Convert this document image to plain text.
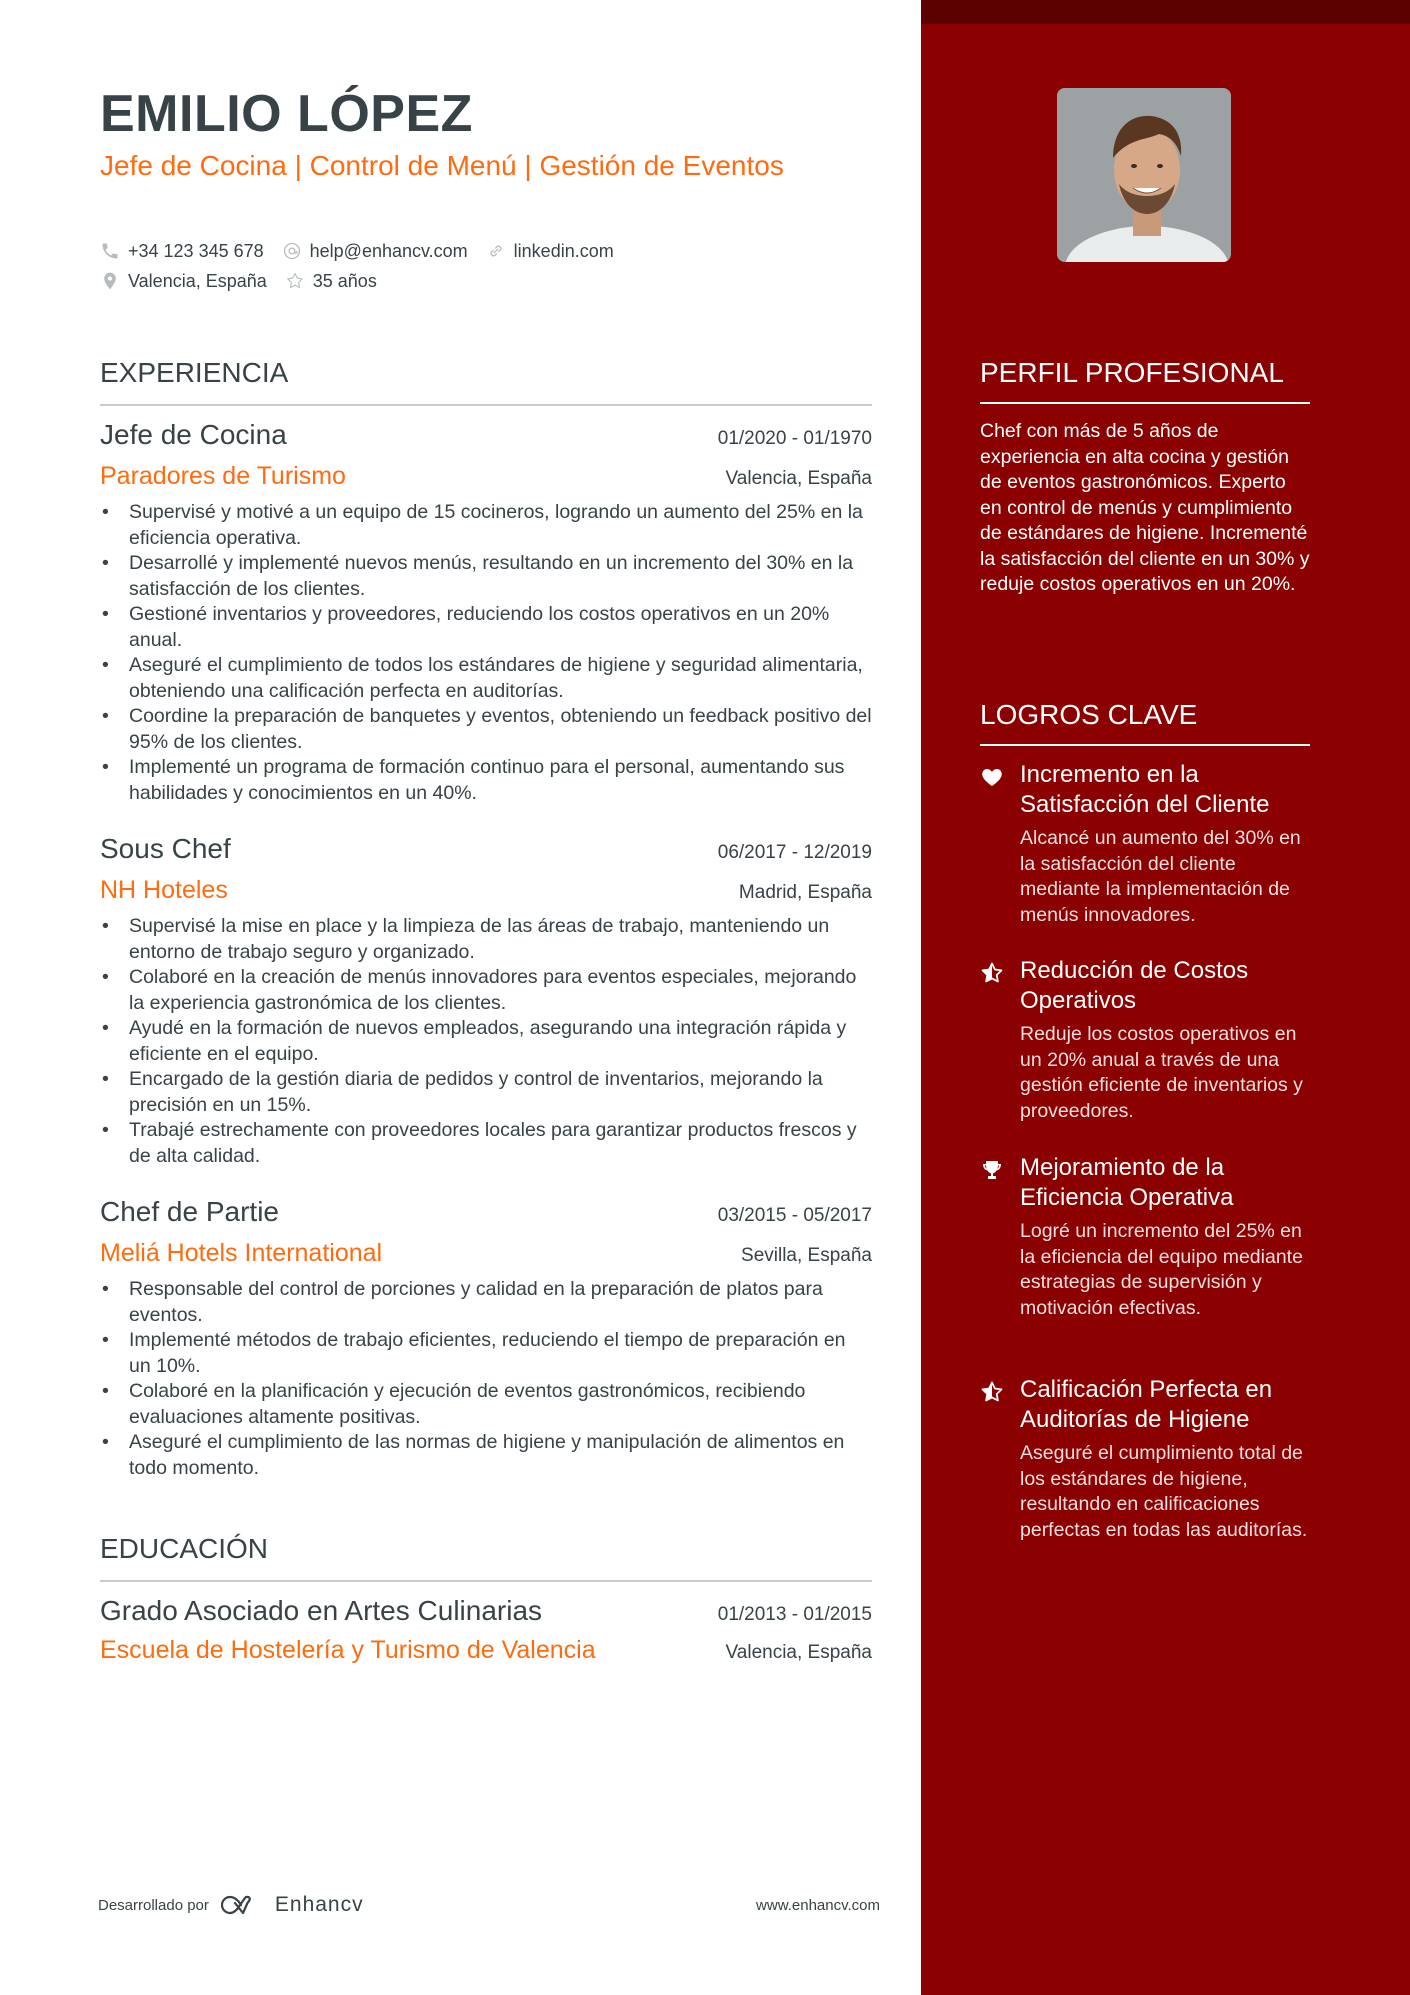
EMILIO LÓPEZ
Jefe de Cocina | Control de Menú | Gestión de Eventos
+34 123 345 678	help@enhancv.com	linkedin.com
Valencia, España	35 años
EXPERIENCIA
Jefe de Cocina	01/2020 - 01/1970
Paradores de Turismo	Valencia, España
• Supervisé y motivé a un equipo de 15 cocineros, logrando un aumento del 25% en la eficiencia operativa.
• Desarrollé y implementé nuevos menús, resultando en un incremento del 30% en la satisfacción de los clientes.
• Gestioné inventarios y proveedores, reduciendo los costos operativos en un 20% anual.
• Aseguré el cumplimiento de todos los estándares de higiene y seguridad alimentaria, obteniendo una calificación perfecta en auditorías.
• Coordine la preparación de banquetes y eventos, obteniendo un feedback positivo del 95% de los clientes.
• Implementé un programa de formación continuo para el personal, aumentando sus habilidades y conocimientos en un 40%.
Sous Chef	06/2017 - 12/2019
NH Hoteles	Madrid, España
• Supervisé la mise en place y la limpieza de las áreas de trabajo, manteniendo un entorno de trabajo seguro y organizado.
• Colaboré en la creación de menús innovadores para eventos especiales, mejorando la experiencia gastronómica de los clientes.
• Ayudé en la formación de nuevos empleados, asegurando una integración rápida y eficiente en el equipo.
• Encargado de la gestión diaria de pedidos y control de inventarios, mejorando la precisión en un 15%.
• Trabajé estrechamente con proveedores locales para garantizar productos frescos y de alta calidad.
Chef de Partie	03/2015 - 05/2017
Meliá Hotels International	Sevilla, España
• Responsable del control de porciones y calidad en la preparación de platos para eventos.
• Implementé métodos de trabajo eficientes, reduciendo el tiempo de preparación en un 10%.
• Colaboré en la planificación y ejecución de eventos gastronómicos, recibiendo evaluaciones altamente positivas.
• Aseguré el cumplimiento de las normas de higiene y manipulación de alimentos en todo momento.
EDUCACIÓN
Grado Asociado en Artes Culinarias	01/2013 - 01/2015
Escuela de Hostelería y Turismo de Valencia	Valencia, España
Desarrollado por	Enhancv	www.enhancv.com
PERFIL PROFESIONAL
Chef con más de 5 años de experiencia en alta cocina y gestión de eventos gastronómicos. Experto en control de menús y cumplimiento de estándares de higiene. Incrementé la satisfacción del cliente en un 30% y reduje costos operativos en un 20%.
LOGROS CLAVE
Incremento en la Satisfacción del Cliente
Alcancé un aumento del 30% en la satisfacción del cliente mediante la implementación de menús innovadores.
Reducción de Costos Operativos
Reduje los costos operativos en un 20% anual a través de una gestión eficiente de inventarios y proveedores.
Mejoramiento de la Eficiencia Operativa
Logré un incremento del 25% en la eficiencia del equipo mediante estrategias de supervisión y motivación efectivas.
Calificación Perfecta en Auditorías de Higiene
Aseguré el cumplimiento total de los estándares de higiene, resultando en calificaciones perfectas en todas las auditorías.
